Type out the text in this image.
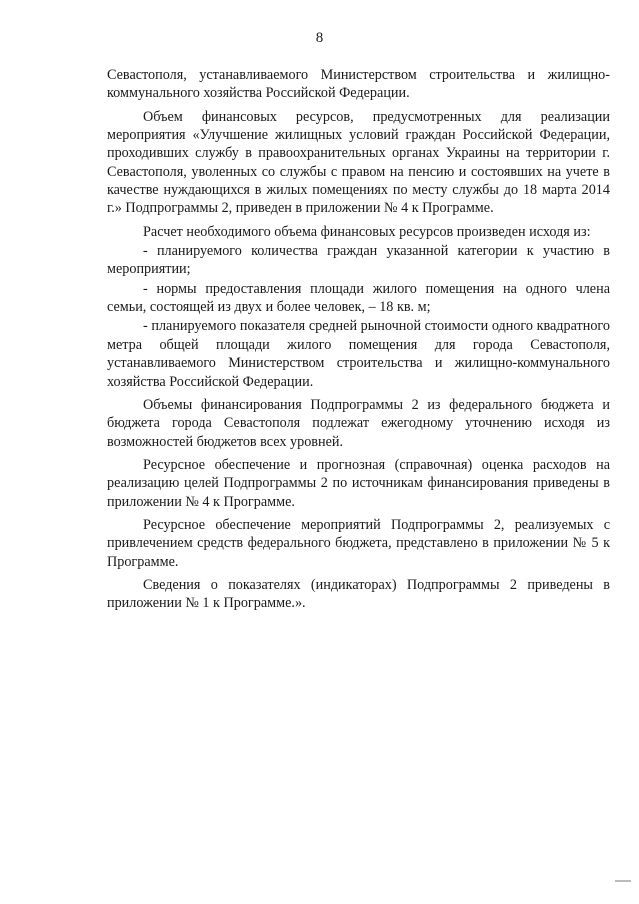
8

Севастополя, устанавливаемого Министерством строительства и жилищно-коммунального хозяйства Российской Федерации.

Объем финансовых ресурсов, предусмотренных для реализации мероприятия «Улучшение жилищных условий граждан Российской Федерации, проходивших службу в правоохранительных органах Украины на территории г. Севастополя, уволенных со службы с правом на пенсию и состоявших на учете в качестве нуждающихся в жилых помещениях по месту службы до 18 марта 2014 г.» Подпрограммы 2, приведен в приложении № 4 к Программе.

Расчет необходимого объема финансовых ресурсов произведен исходя из:

- планируемого количества граждан указанной категории к участию в мероприятии;

- нормы предоставления площади жилого помещения на одного члена семьи, состоящей из двух и более человек, – 18 кв. м;

- планируемого показателя средней рыночной стоимости одного квадратного метра общей площади жилого помещения для города Севастополя, устанавливаемого Министерством строительства и жилищно-коммунального хозяйства Российской Федерации.

Объемы финансирования Подпрограммы 2 из федерального бюджета и бюджета города Севастополя подлежат ежегодному уточнению исходя из возможностей бюджетов всех уровней.

Ресурсное обеспечение и прогнозная (справочная) оценка расходов на реализацию целей Подпрограммы 2 по источникам финансирования приведены в приложении № 4 к Программе.

Ресурсное обеспечение мероприятий Подпрограммы 2, реализуемых с привлечением средств федерального бюджета, представлено в приложении № 5 к Программе.

Сведения о показателях (индикаторах) Подпрограммы 2 приведены в приложении № 1 к Программе.».
